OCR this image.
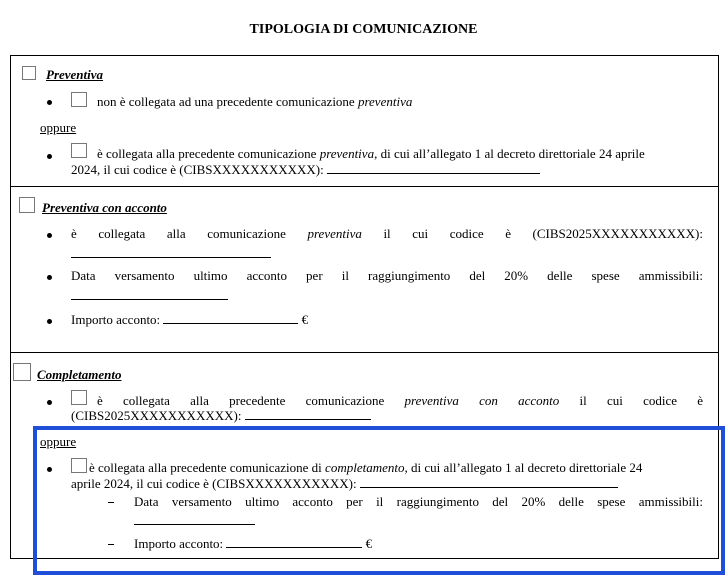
TIPOLOGIA DI COMUNICAZIONE
Preventiva
non è collegata ad una precedente comunicazione preventiva
oppure
è collegata alla precedente comunicazione preventiva, di cui all’allegato 1 al decreto direttoriale 24 aprile
2024, il cui codice è (CIBSXXXXXXXXXXX):
Preventiva con acconto
è collegata alla comunicazione preventiva il cui codice è (CIBS2025XXXXXXXXXXX):
Data versamento ultimo acconto per il raggiungimento del 20% delle spese ammissibili:
Importo acconto:	€
Completamento
è collegata alla precedente comunicazione preventiva con acconto il cui codice è
(CIBS2025XXXXXXXXXXX):
oppure
è collegata alla precedente comunicazione di completamento, di cui all’allegato 1 al decreto direttoriale 24
aprile 2024, il cui codice è (CIBSXXXXXXXXXXX):
Data versamento ultimo acconto per il raggiungimento del 20% delle spese ammissibili:
Importo acconto:	€
